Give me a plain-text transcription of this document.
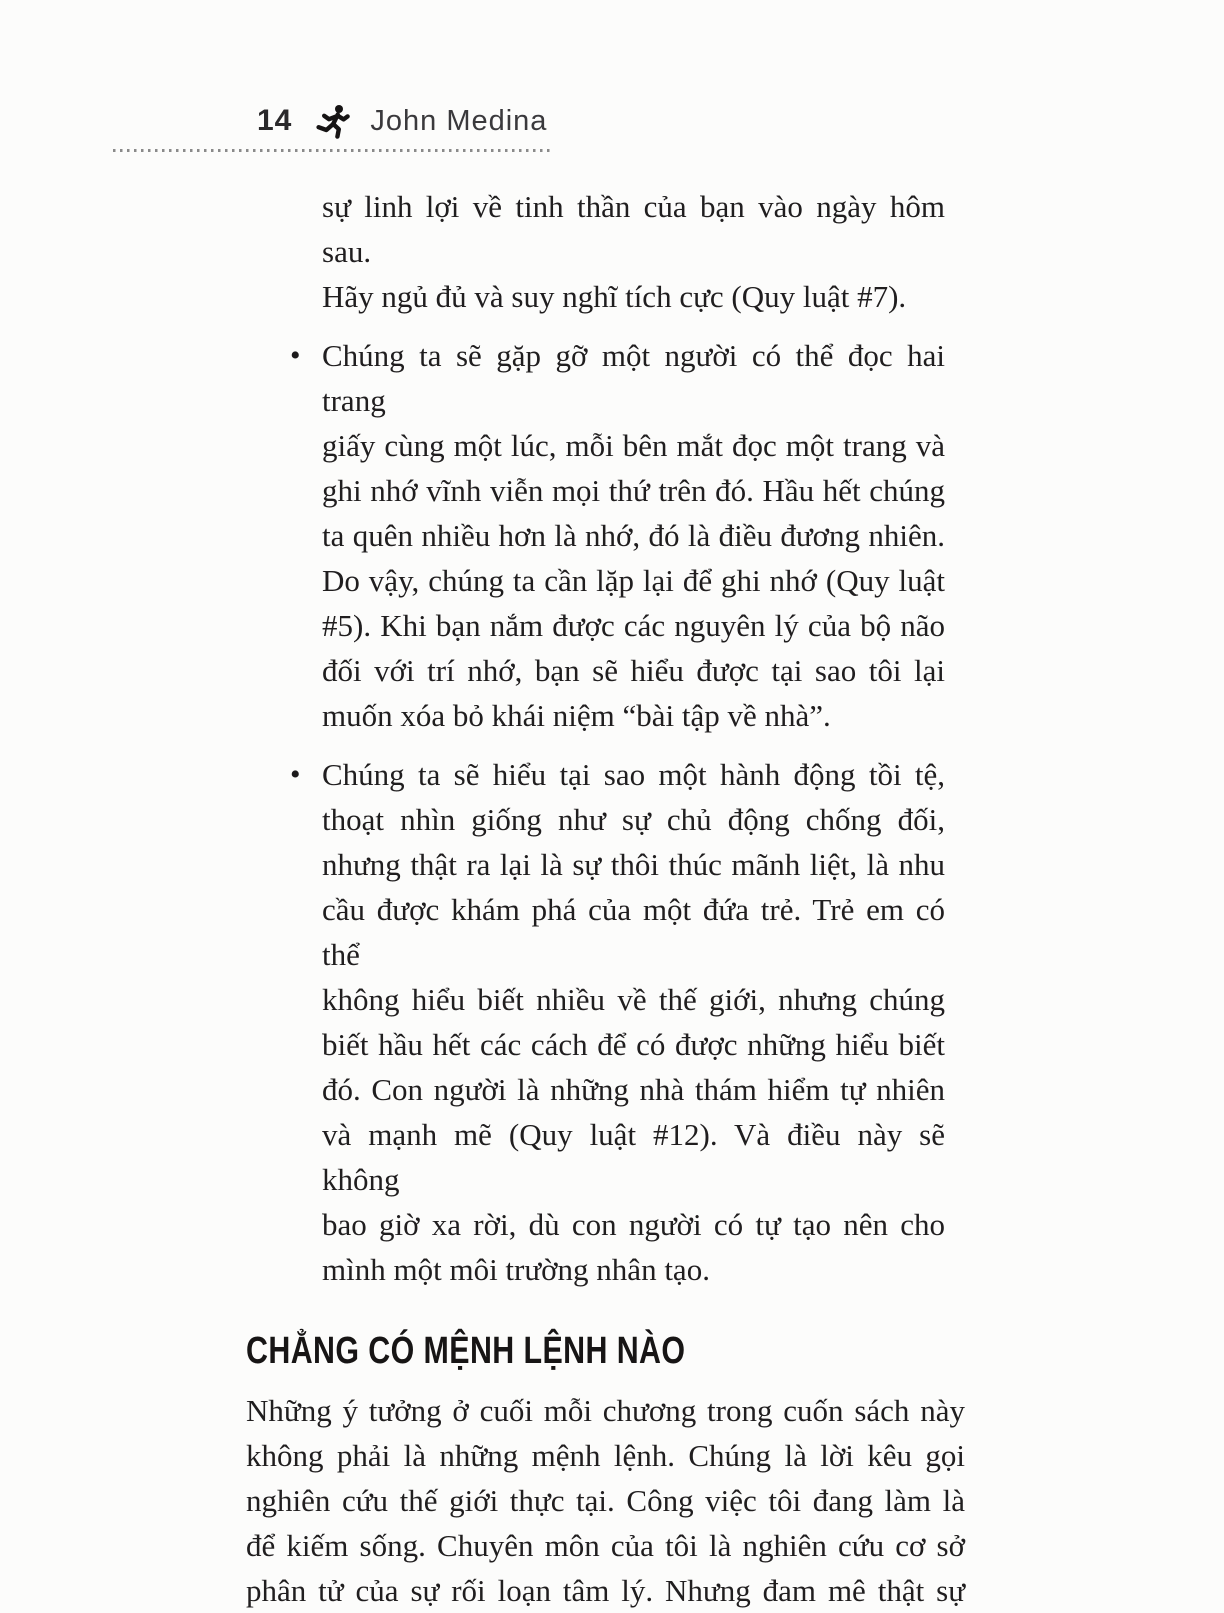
14	John Medina
sự linh lợi về tinh thần của bạn vào ngày hôm sau.
Hãy ngủ đủ và suy nghĩ tích cực (Quy luật #7).
• Chúng ta sẽ gặp gỡ một người có thể đọc hai trang
giấy cùng một lúc, mỗi bên mắt đọc một trang và
ghi nhớ vĩnh viễn mọi thứ trên đó. Hầu hết chúng
ta quên nhiều hơn là nhớ, đó là điều đương nhiên.
Do vậy, chúng ta cần lặp lại để ghi nhớ (Quy luật
#5). Khi bạn nắm được các nguyên lý của bộ não
đối với trí nhớ, bạn sẽ hiểu được tại sao tôi lại
muốn xóa bỏ khái niệm “bài tập về nhà”.
• Chúng ta sẽ hiểu tại sao một hành động tồi tệ,
thoạt nhìn giống như sự chủ động chống đối,
nhưng thật ra lại là sự thôi thúc mãnh liệt, là nhu
cầu được khám phá của một đứa trẻ. Trẻ em có thể
không hiểu biết nhiều về thế giới, nhưng chúng
biết hầu hết các cách để có được những hiểu biết
đó. Con người là những nhà thám hiểm tự nhiên
và mạnh mẽ (Quy luật #12). Và điều này sẽ không
bao giờ xa rời, dù con người có tự tạo nên cho
mình một môi trường nhân tạo.
CHẲNG CÓ MỆNH LỆNH NÀO
Những ý tưởng ở cuối mỗi chương trong cuốn sách này
không phải là những mệnh lệnh. Chúng là lời kêu gọi
nghiên cứu thế giới thực tại. Công việc tôi đang làm là
để kiếm sống. Chuyên môn của tôi là nghiên cứu cơ sở
phân tử của sự rối loạn tâm lý. Nhưng đam mê thật sự
